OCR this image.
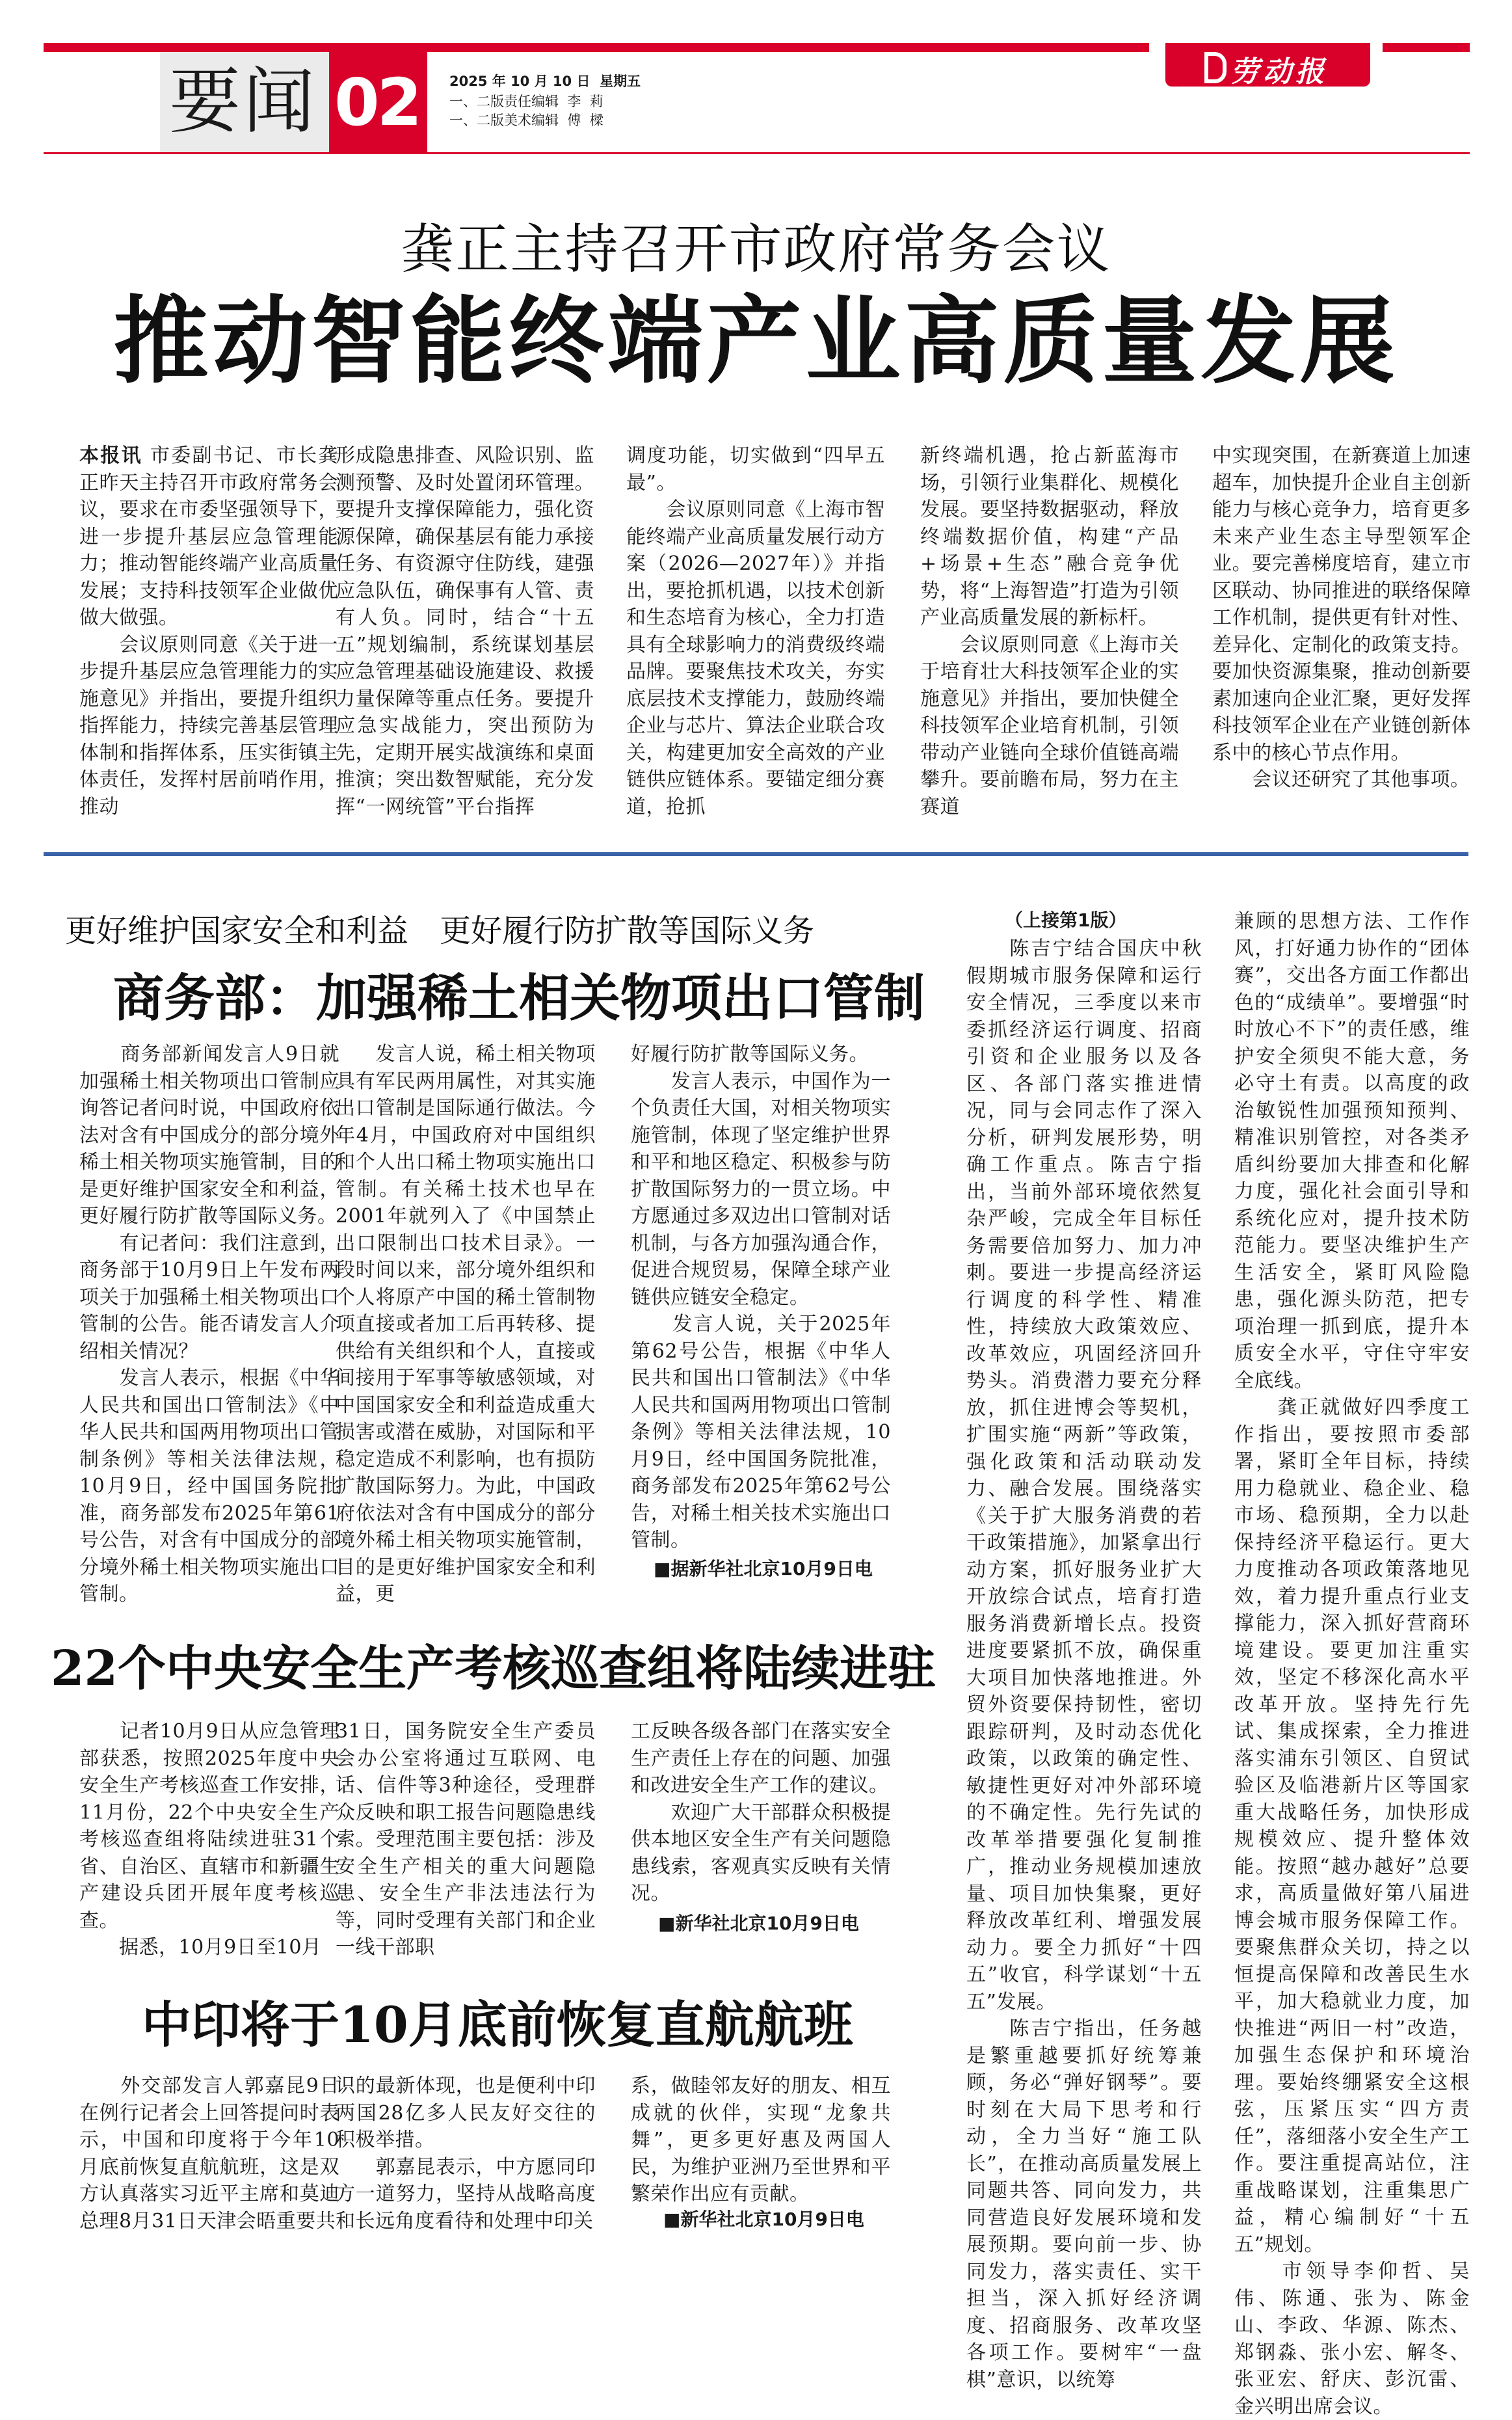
要闻 02 2025 年 10 月 10 日  星期五
一、二版责任编辑  李  莉
一、二版美术编辑  傅  樑
劳动报
龚正主持召开市政府常务会议
推动智能终端产业高质量发展
本报讯 市委副书记、市长龚正昨天主持召开市政府常务会议，要求在市委坚强领导下，进一步提升基层应急管理能力；推动智能终端产业高质量发展；支持科技领军企业做优做大做强。
　　会议原则同意《关于进一步提升基层应急管理能力的实施意见》并指出，要提升组织指挥能力，持续完善基层管理体制和指挥体系，压实街镇主体责任，发挥村居前哨作用，推动
形成隐患排查、风险识别、监测预警、及时处置闭环管理。要提升支撑保障能力，强化资源保障，确保基层有能力承接任务、有资源守住防线，建强应急队伍，确保事有人管、责有人负。同时，结合“十五五”规划编制，系统谋划基层应急管理基础设施建设、救援力量保障等重点任务。要提升应急实战能力，突出预防为先，定期开展实战演练和桌面推演；突出数智赋能，充分发挥“一网统管”平台指挥
调度功能，切实做到“四早五最”。
　　会议原则同意《上海市智能终端产业高质量发展行动方案（2026—2027年）》并指出，要抢抓机遇，以技术创新和生态培育为核心，全力打造具有全球影响力的消费级终端品牌。要聚焦技术攻关，夯实底层技术支撑能力，鼓励终端企业与芯片、算法企业联合攻关，构建更加安全高效的产业链供应链体系。要锚定细分赛道，抢抓
新终端机遇，抢占新蓝海市场，引领行业集群化、规模化发展。要坚持数据驱动，释放终端数据价值，构建“产品+场景+生态”融合竞争优势，将“上海智造”打造为引领产业高质量发展的新标杆。
　　会议原则同意《上海市关于培育壮大科技领军企业的实施意见》并指出，要加快健全科技领军企业培育机制，引领带动产业链向全球价值链高端攀升。要前瞻布局，努力在主赛道
中实现突围，在新赛道上加速超车，加快提升企业自主创新能力与核心竞争力，培育更多未来产业生态主导型领军企业。要完善梯度培育，建立市区联动、协同推进的联络保障工作机制，提供更有针对性、差异化、定制化的政策支持。要加快资源集聚，推动创新要素加速向企业汇聚，更好发挥科技领军企业在产业链创新体系中的核心节点作用。
　　会议还研究了其他事项。
更好维护国家安全和利益　更好履行防扩散等国际义务
商务部：加强稀土相关物项出口管制
　　商务部新闻发言人9日就加强稀土相关物项出口管制应询答记者问时说，中国政府依法对含有中国成分的部分境外稀土相关物项实施管制，目的是更好维护国家安全和利益，更好履行防扩散等国际义务。
　　有记者问：我们注意到，商务部于10月9日上午发布两项关于加强稀土相关物项出口管制的公告。能否请发言人介绍相关情况？
　　发言人表示，根据《中华人民共和国出口管制法》《中华人民共和国两用物项出口管制条例》等相关法律法规，10月9日，经中国国务院批准，商务部发布2025年第61号公告，对含有中国成分的部分境外稀土相关物项实施出口管制。
　　发言人说，稀土相关物项具有军民两用属性，对其实施出口管制是国际通行做法。今年4月，中国政府对中国组织和个人出口稀土物项实施出口管制。有关稀土技术也早在2001年就列入了《中国禁止出口限制出口技术目录》。一段时间以来，部分境外组织和个人将原产中国的稀土管制物项直接或者加工后再转移、提供给有关组织和个人，直接或间接用于军事等敏感领域，对中国国家安全和利益造成重大损害或潜在威胁，对国际和平稳定造成不利影响，也有损防扩散国际努力。为此，中国政府依法对含有中国成分的部分境外稀土相关物项实施管制，目的是更好维护国家安全和利益，更
好履行防扩散等国际义务。
　　发言人表示，中国作为一个负责任大国，对相关物项实施管制，体现了坚定维护世界和平和地区稳定、积极参与防扩散国际努力的一贯立场。中方愿通过多双边出口管制对话机制，与各方加强沟通合作，促进合规贸易，保障全球产业链供应链安全稳定。
　　发言人说，关于2025年第62号公告，根据《中华人民共和国出口管制法》《中华人民共和国两用物项出口管制条例》等相关法律法规，10月9日，经中国国务院批准，商务部发布2025年第62号公告，对稀土相关技术实施出口管制。
■据新华社北京10月9日电
22个中央安全生产考核巡查组将陆续进驻
　　记者10月9日从应急管理部获悉，按照2025年度中央安全生产考核巡查工作安排，11月份，22个中央安全生产考核巡查组将陆续进驻31个省、自治区、直辖市和新疆生产建设兵团开展年度考核巡查。
　　据悉，10月9日至10月
31日，国务院安全生产委员会办公室将通过互联网、电话、信件等3种途径，受理群众反映和职工报告问题隐患线索。受理范围主要包括：涉及安全生产相关的重大问题隐患、安全生产非法违法行为等，同时受理有关部门和企业一线干部职
工反映各级各部门在落实安全生产责任上存在的问题、加强和改进安全生产工作的建议。
　　欢迎广大干部群众积极提供本地区安全生产有关问题隐患线索，客观真实反映有关情况。
■新华社北京10月9日电
中印将于10月底前恢复直航航班
　　外交部发言人郭嘉昆9日在例行记者会上回答提问时表示，中国和印度将于今年10月底前恢复直航航班，这是双方认真落实习近平主席和莫迪总理8月31日天津会晤重要共
识的最新体现，也是便利中印两国28亿多人民友好交往的积极举措。
　　郭嘉昆表示，中方愿同印方一道努力，坚持从战略高度和长远角度看待和处理中印关
系，做睦邻友好的朋友、相互成就的伙伴，实现“龙象共舞”，更多更好惠及两国人民，为维护亚洲乃至世界和平繁荣作出应有贡献。
■新华社北京10月9日电
（上接第1版）
　　陈吉宁结合国庆中秋假期城市服务保障和运行安全情况，三季度以来市委抓经济运行调度、招商引资和企业服务以及各区、各部门落实推进情况，同与会同志作了深入分析，研判发展形势，明确工作重点。陈吉宁指出，当前外部环境依然复杂严峻，完成全年目标任务需要倍加努力、加力冲刺。要进一步提高经济运行调度的科学性、精准性，持续放大政策效应、改革效应，巩固经济回升势头。消费潜力要充分释放，抓住进博会等契机，扩围实施“两新”等政策，强化政策和活动联动发力、融合发展。围绕落实《关于扩大服务消费的若干政策措施》，加紧拿出行动方案，抓好服务业扩大开放综合试点，培育打造服务消费新增长点。投资进度要紧抓不放，确保重大项目加快落地推进。外贸外资要保持韧性，密切跟踪研判，及时动态优化政策，以政策的确定性、敏捷性更好对冲外部环境的不确定性。先行先试的改革举措要强化复制推广，推动业务规模加速放量、项目加快集聚，更好释放改革红利、增强发展动力。要全力抓好“十四五”收官，科学谋划“十五五”发展。
　　陈吉宁指出，任务越是繁重越要抓好统筹兼顾，务必“弹好钢琴”。要时刻在大局下思考和行动，全力当好“施工队长”，在推动高质量发展上同题共答、同向发力，共同营造良好发展环境和发展预期。要向前一步、协同发力，落实责任、实干担当，深入抓好经济调度、招商服务、改革攻坚各项工作。要树牢“一盘棋”意识，以统筹
兼顾的思想方法、工作作风，打好通力协作的“团体赛”，交出各方面工作都出色的“成绩单”。要增强“时时放心不下”的责任感，维护安全须臾不能大意，务必守土有责。以高度的政治敏锐性加强预知预判、精准识别管控，对各类矛盾纠纷要加大排查和化解力度，强化社会面引导和系统化应对，提升技术防范能力。要坚决维护生产生活安全，紧盯风险隐患，强化源头防范，把专项治理一抓到底，提升本质安全水平，守住守牢安全底线。
　　龚正就做好四季度工作指出，要按照市委部署，紧盯全年目标，持续用力稳就业、稳企业、稳市场、稳预期，全力以赴保持经济平稳运行。更大力度推动各项政策落地见效，着力提升重点行业支撑能力，深入抓好营商环境建设。要更加注重实效，坚定不移深化高水平改革开放。坚持先行先试、集成探索，全力推进落实浦东引领区、自贸试验区及临港新片区等国家重大战略任务，加快形成规模效应、提升整体效能。按照“越办越好”总要求，高质量做好第八届进博会城市服务保障工作。要聚焦群众关切，持之以恒提高保障和改善民生水平，加大稳就业力度，加快推进“两旧一村”改造，加强生态保护和环境治理。要始终绷紧安全这根弦，压紧压实“四方责任”，落细落小安全生产工作。要注重提高站位，注重战略谋划，注重集思广益，精心编制好“十五五”规划。
　　市领导李仰哲、吴伟、陈通、张为、陈金山、李政、华源、陈杰、郑钢淼、张小宏、解冬、张亚宏、舒庆、彭沉雷、金兴明出席会议。
